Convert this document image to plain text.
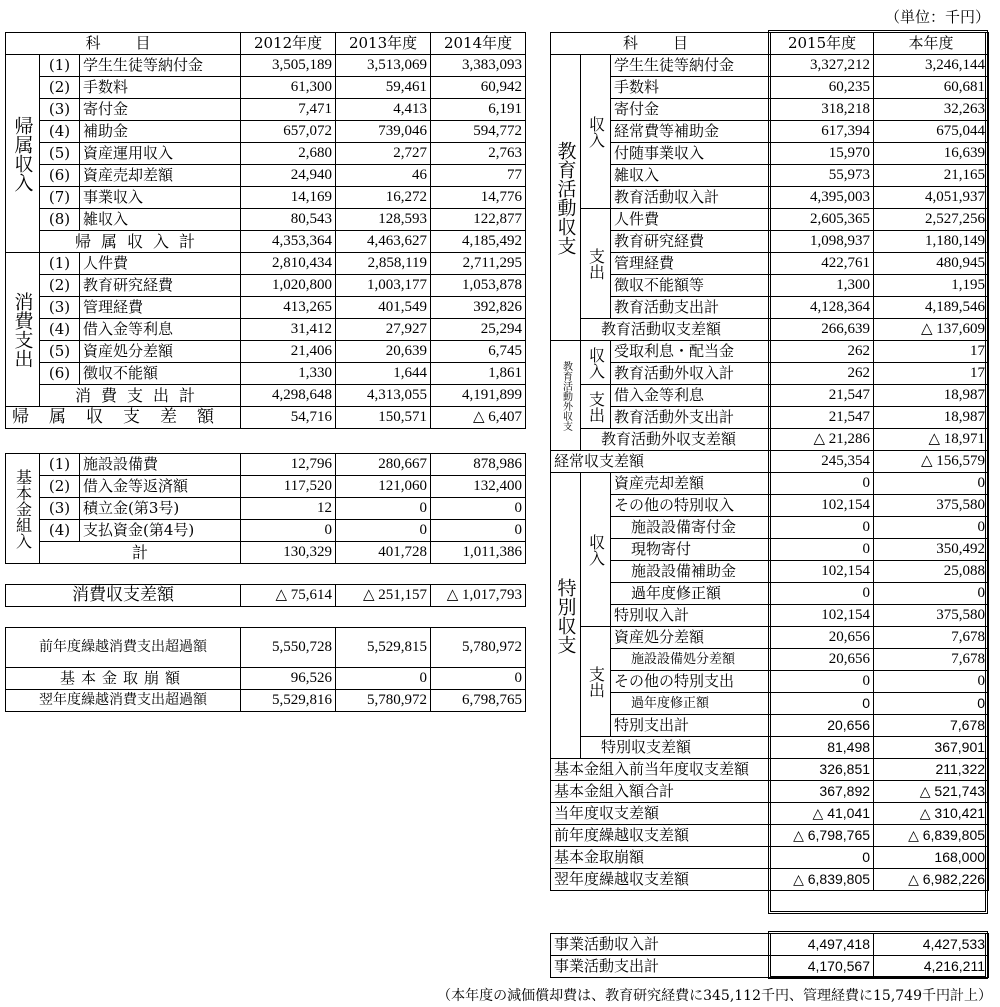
（単位：千円）
科　目			2012年度	2013年度	2014年度
帰属収入	(1)	学生生徒等納付金	3,505,189	3,513,069	3,383,093
	(2)	手数料	61,300	59,461	60,942
	(3)	寄付金	7,471	4,413	6,191
	(4)	補助金	657,072	739,046	594,772
	(5)	資産運用収入	2,680	2,727	2,763
	(6)	資産売却差額	24,940	46	77
	(7)	事業収入	14,169	16,272	14,776
	(8)	雑収入	80,543	128,593	122,877
	帰属収入計		4,353,364	4,463,627	4,185,492
消費支出	(1)	人件費	2,810,434	2,858,119	2,711,295
	(2)	教育研究経費	1,020,800	1,003,177	1,053,878
	(3)	管理経費	413,265	401,549	392,826
	(4)	借入金等利息	31,412	27,927	25,294
	(5)	資産処分差額	21,406	20,639	6,745
	(6)	徴収不能額	1,330	1,644	1,861
	消費支出計		4,298,648	4,313,055	4,191,899
帰属収支差額			54,716	150,571	△ 6,407
基本金組入	(1)	施設設備費	12,796	280,667	878,986
	(2)	借入金等返済額	117,520	121,060	132,400
	(3)	積立金(第3号)	12	0	0
	(4)	支払資金(第4号)	0	0	0
	計		130,329	401,728	1,011,386
消費収支差額	△ 75,614	△ 251,157	△ 1,017,793
前年度繰越消費支出超過額	5,550,728	5,529,815	5,780,972
基本金取崩額	96,526	0	0
翌年度繰越消費支出超過額	5,529,816	5,780,972	6,798,765
科　目			2015年度	本年度
教育活動収支	収入	学生生徒等納付金	3,327,212	3,246,144
		手数料	60,235	60,681
		寄付金	318,218	32,263
		経常費等補助金	617,394	675,044
		付随事業収入	15,970	16,639
		雑収入	55,973	21,165
		教育活動収入計	4,395,003	4,051,937
	支出	人件費	2,605,365	2,527,256
		教育研究経費	1,098,937	1,180,149
		管理経費	422,761	480,945
		徴収不能額等	1,300	1,195
		教育活動支出計	4,128,364	4,189,546
	教育活動収支差額		266,639	△ 137,609
教育活動外収支	収入	受取利息・配当金	262	17
		教育活動外収入計	262	17
	支出	借入金等利息	21,547	18,987
		教育活動外支出計	21,547	18,987
	教育活動外収支差額		△ 21,286	△ 18,971
経常収支差額			245,354	△ 156,579
特別収支	収入	資産売却差額	0	0
		その他の特別収入	102,154	375,580
		施設設備寄付金	0	0
		現物寄付	0	350,492
		施設設備補助金	102,154	25,088
		過年度修正額	0	0
		特別収入計	102,154	375,580
	支出	資産処分差額	20,656	7,678
		施設設備処分差額	20,656	7,678
		その他の特別支出	0	0
		過年度修正額	0	0
		特別支出計	20,656	7,678
	特別収支差額		81,498	367,901
基本金組入前当年度収支差額			326,851	211,322
基本金組入額合計			367,892	△ 521,743
当年度収支差額			△ 41,041	△ 310,421
前年度繰越収支差額			△ 6,798,765	△ 6,839,805
基本金取崩額			0	168,000
翌年度繰越収支差額			△ 6,839,805	△ 6,982,226
事業活動収入計	4,497,418	4,427,533
事業活動支出計	4,170,567	4,216,211
（本年度の減価償却費は、教育研究経費に345,112千円、管理経費に15,749千円計上）
